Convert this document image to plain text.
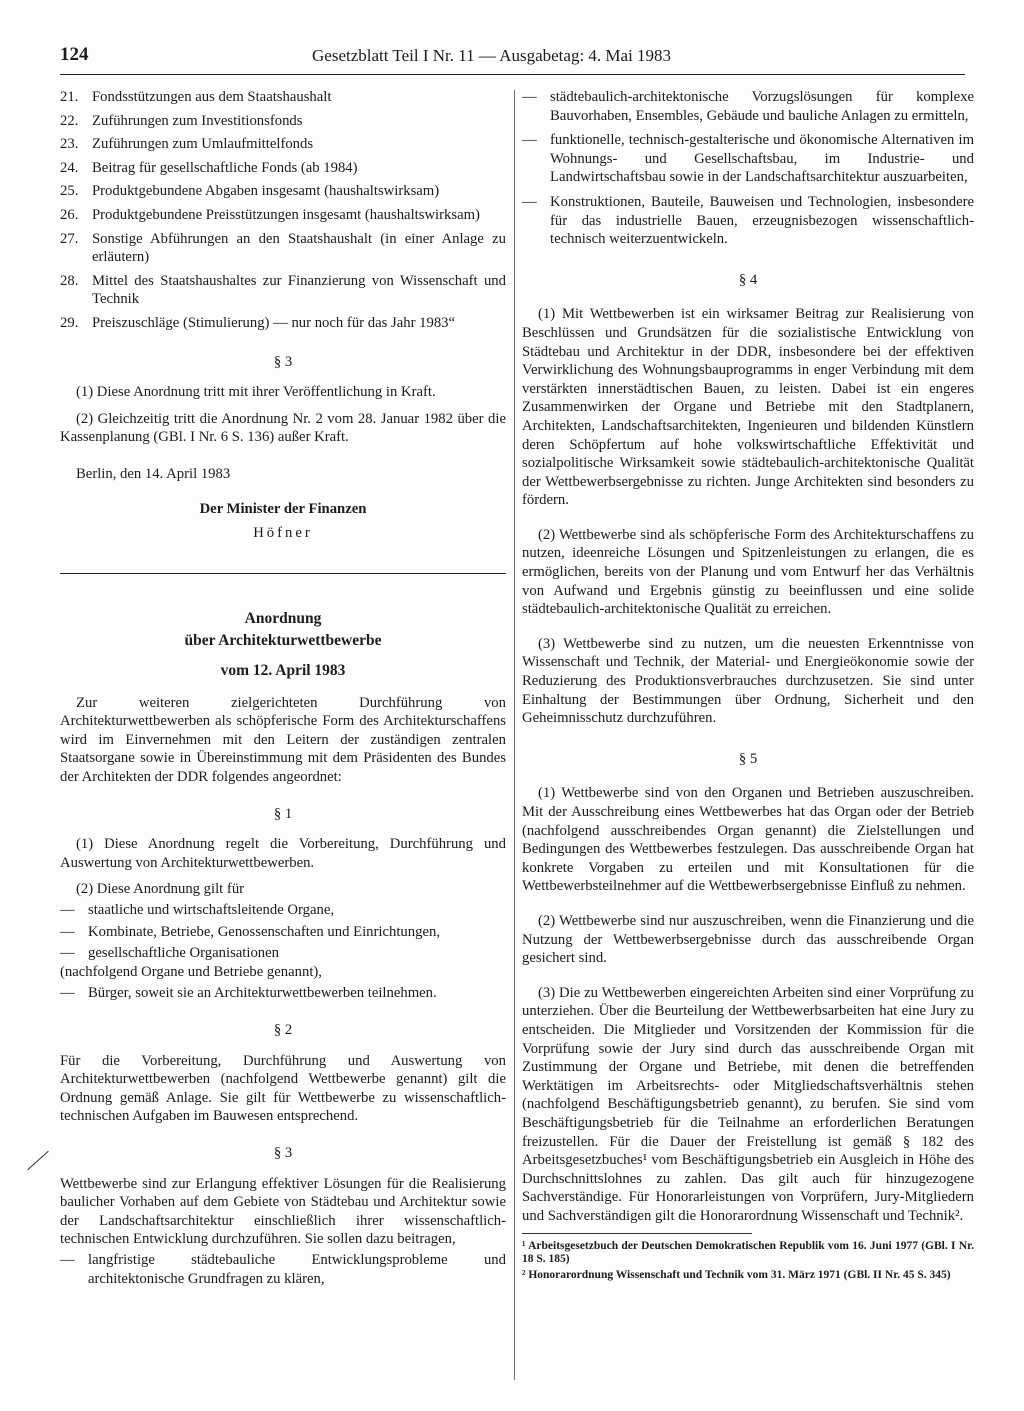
124	Gesetzblatt Teil I Nr. 11 — Ausgabetag: 4. Mai 1983
21. Fondsstützungen aus dem Staatshaushalt
22. Zuführungen zum Investitionsfonds
23. Zuführungen zum Umlaufmittelfonds
24. Beitrag für gesellschaftliche Fonds (ab 1984)
25. Produktgebundene Abgaben insgesamt (haushaltswirksam)
26. Produktgebundene Preisstützungen insgesamt (haushaltswirksam)
27. Sonstige Abführungen an den Staatshaushalt (in einer Anlage zu erläutern)
28. Mittel des Staatshaushaltes zur Finanzierung von Wissenschaft und Technik
29. Preiszuschläge (Stimulierung) — nur noch für das Jahr 1983“
§ 3

(1) Diese Anordnung tritt mit ihrer Veröffentlichung in Kraft.

(2) Gleichzeitig tritt die Anordnung Nr. 2 vom 28. Januar 1982 über die Kassenplanung (GBl. I Nr. 6 S. 136) außer Kraft.

Berlin, den 14. April 1983

Der Minister der Finanzen
Höfner
Anordnung
über Architekturwettbewerbe
vom 12. April 1983

Zur weiteren zielgerichteten Durchführung von Architekturwettbewerben als schöpferische Form des Architekturschaffens wird im Einvernehmen mit den Leitern der zuständigen zentralen Staatsorgane sowie in Übereinstimmung mit dem Präsidenten des Bundes der Architekten der DDR folgendes angeordnet:

§ 1

(1) Diese Anordnung regelt die Vorbereitung, Durchführung und Auswertung von Architekturwettbewerben.

(2) Diese Anordnung gilt für

— staatliche und wirtschaftsleitende Organe,
— Kombinate, Betriebe, Genossenschaften und Einrichtungen,
— gesellschaftliche Organisationen
(nachfolgend Organe und Betriebe genannt),
— Bürger, soweit sie an Architekturwettbewerben teilnehmen.
§ 2

Für die Vorbereitung, Durchführung und Auswertung von Architekturwettbewerben (nachfolgend Wettbewerbe genannt) gilt die Ordnung gemäß Anlage. Sie gilt für Wettbewerbe zu wissenschaftlich-technischen Aufgaben im Bauwesen entsprechend.

§ 3

Wettbewerbe sind zur Erlangung effektiver Lösungen für die Realisierung baulicher Vorhaben auf dem Gebiete von Städtebau und Architektur sowie der Landschaftsarchitektur einschließlich ihrer wissenschaftlich-technischen Entwicklung durchzuführen. Sie sollen dazu beitragen,

— langfristige städtebauliche Entwicklungsprobleme und architektonische Grundfragen zu klären,
— städtebaulich-architektonische Vorzugslösungen für komplexe Bauvorhaben, Ensembles, Gebäude und bauliche Anlagen zu ermitteln,
— funktionelle, technisch-gestalterische und ökonomische Alternativen im Wohnungs- und Gesellschaftsbau, im Industrie- und Landwirtschaftsbau sowie in der Landschaftsarchitektur auszuarbeiten,
— Konstruktionen, Bauteile, Bauweisen und Technologien, insbesondere für das industrielle Bauen, erzeugnisbezogen wissenschaftlich-technisch weiterzuentwickeln.
§ 4

(1) Mit Wettbewerben ist ein wirksamer Beitrag zur Realisierung von Beschlüssen und Grundsätzen für die sozialistische Entwicklung von Städtebau und Architektur in der DDR, insbesondere bei der effektiven Verwirklichung des Wohnungsbauprogramms in enger Verbindung mit dem verstärkten innerstädtischen Bauen, zu leisten. Dabei ist ein engeres Zusammenwirken der Organe und Betriebe mit den Stadtplanern, Architekten, Landschaftsarchitekten, Ingenieuren und bildenden Künstlern deren Schöpfertum auf hohe volkswirtschaftliche Effektivität und sozialpolitische Wirksamkeit sowie städtebaulich-architektonische Qualität der Wettbewerbsergebnisse zu richten. Junge Architekten sind besonders zu fördern.

(2) Wettbewerbe sind als schöpferische Form des Architekturschaffens zu nutzen, ideenreiche Lösungen und Spitzenleistungen zu erlangen, die es ermöglichen, bereits von der Planung und vom Entwurf her das Verhältnis von Aufwand und Ergebnis günstig zu beeinflussen und eine solide städtebaulich-architektonische Qualität zu erreichen.

(3) Wettbewerbe sind zu nutzen, um die neuesten Erkenntnisse von Wissenschaft und Technik, der Material- und Energieökonomie sowie der Reduzierung des Produktionsverbrauches durchzusetzen. Sie sind unter Einhaltung der Bestimmungen über Ordnung, Sicherheit und den Geheimnisschutz durchzuführen.

§ 5

(1) Wettbewerbe sind von den Organen und Betrieben auszuschreiben. Mit der Ausschreibung eines Wettbewerbes hat das Organ oder der Betrieb (nachfolgend ausschreibendes Organ genannt) die Zielstellungen und Bedingungen des Wettbewerbes festzulegen. Das ausschreibende Organ hat konkrete Vorgaben zu erteilen und mit Konsultationen für die Wettbewerbsteilnehmer auf die Wettbewerbsergebnisse Einfluß zu nehmen.

(2) Wettbewerbe sind nur auszuschreiben, wenn die Finanzierung und die Nutzung der Wettbewerbsergebnisse durch das ausschreibende Organ gesichert sind.

(3) Die zu Wettbewerben eingereichten Arbeiten sind einer Vorprüfung zu unterziehen. Über die Beurteilung der Wettbewerbsarbeiten hat eine Jury zu entscheiden. Die Mitglieder und Vorsitzenden der Kommission für die Vorprüfung sowie der Jury sind durch das ausschreibende Organ mit Zustimmung der Organe und Betriebe, mit denen die betreffenden Werktätigen im Arbeitsrechts- oder Mitgliedschaftsverhältnis stehen (nachfolgend Beschäftigungsbetrieb genannt), zu berufen. Sie sind vom Beschäftigungsbetrieb für die Teilnahme an erforderlichen Beratungen freizustellen. Für die Dauer der Freistellung ist gemäß § 182 des Arbeitsgesetzbuches¹ vom Beschäftigungsbetrieb ein Ausgleich in Höhe des Durchschnittslohnes zu zahlen. Das gilt auch für hinzugezogene Sachverständige. Für Honorarleistungen von Vorprüfern, Jury-Mitgliedern und Sachverständigen gilt die Honorarordnung Wissenschaft und Technik².

¹ Arbeitsgesetzbuch der Deutschen Demokratischen Republik vom 16. Juni 1977 (GBl. I Nr. 18 S. 185)
² Honorarordnung Wissenschaft und Technik vom 31. März 1971 (GBl. II Nr. 45 S. 345)
